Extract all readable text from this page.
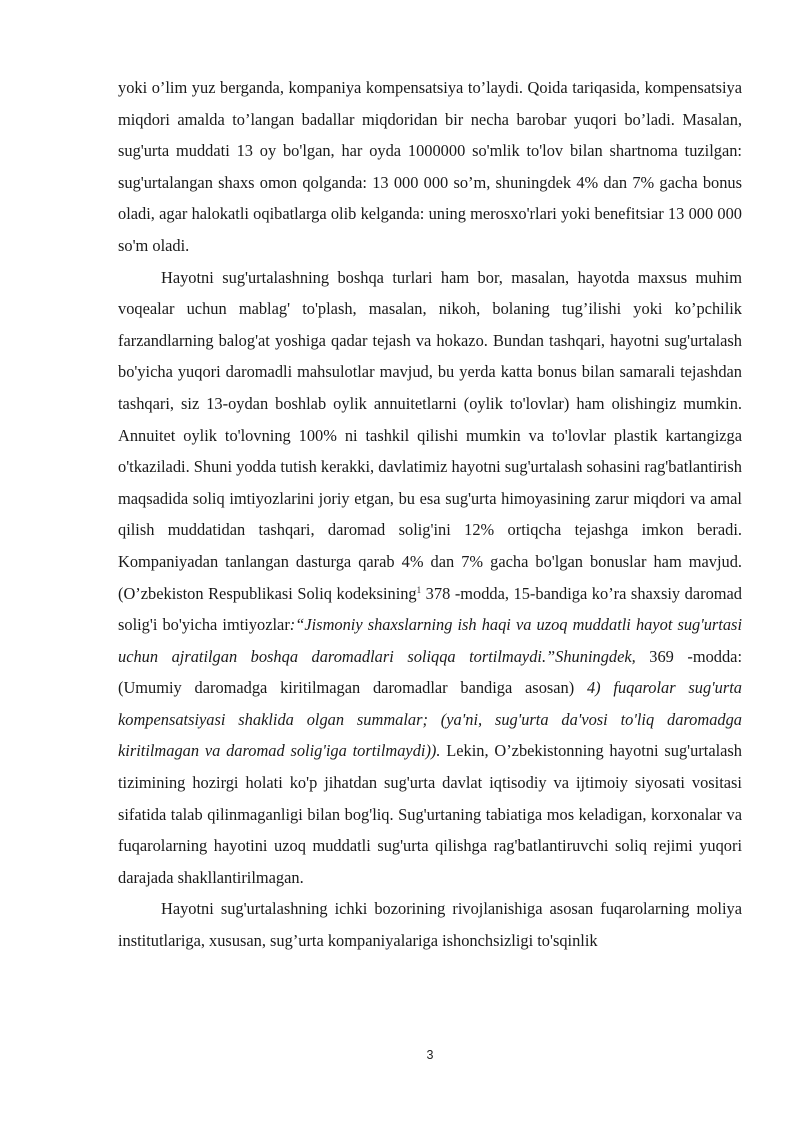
yoki o’lim yuz berganda, kompaniya kompensatsiya to’laydi. Qoida tariqasida, kompensatsiya miqdori amalda to’langan badallar miqdoridan bir necha barobar yuqori bo’ladi. Masalan, sug'urta muddati 13 oy bo'lgan, har oyda 1000000 so'mlik to'lov bilan shartnoma tuzilgan: sug'urtalangan shaxs omon qolganda: 13 000 000 so’m, shuningdek 4% dan 7% gacha bonus oladi, agar halokatli oqibatlarga olib kelganda: uning merosxo'rlari yoki benefitsiar 13 000 000 so'm oladi.

Hayotni sug'urtalashning boshqa turlari ham bor, masalan, hayotda maxsus muhim voqealar uchun mablag' to'plash, masalan, nikoh, bolaning tug’ilishi yoki ko’pchilik farzandlarning balog'at yoshiga qadar tejash va hokazo. Bundan tashqari, hayotni sug'urtalash bo'yicha yuqori daromadli mahsulotlar mavjud, bu yerda katta bonus bilan samarali tejashdan tashqari, siz 13-oydan boshlab oylik annuitetlarni (oylik to'lovlar) ham olishingiz mumkin. Annuitet oylik to'lovning 100% ni tashkil qilishi mumkin va to'lovlar plastik kartangizga o'tkaziladi. Shuni yodda tutish kerakki, davlatimiz hayotni sug'urtalash sohasini rag'batlantirish maqsadida soliq imtiyozlarini joriy etgan, bu esa sug'urta himoyasining zarur miqdori va amal qilish muddatidan tashqari, daromad solig'ini 12% ortiqcha tejashga imkon beradi. Kompaniyadan tanlangan dasturga qarab 4% dan 7% gacha bo'lgan bonuslar ham mavjud. (O’zbekiston Respublikasi Soliq kodeksining$^1$ 378 -modda, 15-bandiga ko’ra shaxsiy daromad solig'i bo'yicha imtiyozlar:“Jismoniy shaxslarning ish haqi va uzoq muddatli hayot sug'urtasi uchun ajratilgan boshqa daromadlari soliqqa tortilmaydi.”Shuningdek, 369 -modda: (Umumiy daromadga kiritilmagan daromadlar bandiga asosan) 4) fuqarolar sug'urta kompensatsiyasi shaklida olgan summalar; (ya'ni, sug'urta da'vosi to'liq daromadga kiritilmagan va daromad solig'iga tortilmaydi)). Lekin, O’zbekistonning hayotni sug'urtalash tizimining hozirgi holati ko'p jihatdan sug'urta davlat iqtisodiy va ijtimoiy siyosati vositasi sifatida talab qilinmaganligi bilan bog'liq. Sug'urtaning tabiatiga mos keladigan, korxonalar va fuqarolarning hayotini uzoq muddatli sug'urta qilishga rag'batlantiruvchi soliq rejimi yuqori darajada shakllantirilmagan.

Hayotni sug'urtalashning ichki bozorining rivojlanishiga asosan fuqarolarning moliya institutlariga, xususan, sug’urta kompaniyalariga ishonchsizligi to'sqinlik

3
